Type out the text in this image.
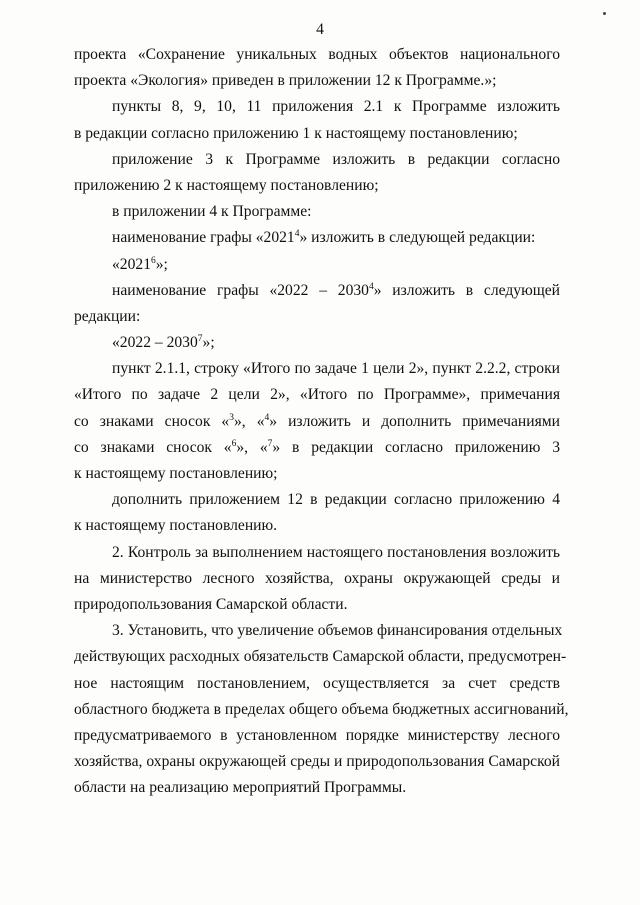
4
проекта «Сохранение уникальных водных объектов национального
проекта «Экология» приведен в приложении 12 к Программе.»;
пункты 8, 9, 10, 11 приложения 2.1 к Программе изложить
в редакции согласно приложению 1 к настоящему постановлению;
приложение 3 к Программе изложить в редакции согласно
приложению 2 к настоящему постановлению;
в приложении 4 к Программе:
наименование графы «2021$^4$» изложить в следующей редакции:
«2021$^6$»;
наименование графы «2022 – 2030$^4$» изложить в следующей
редакции:
«2022 – 2030$^7$»;
пункт 2.1.1, строку «Итого по задаче 1 цели 2», пункт 2.2.2, строки
«Итого по задаче 2 цели 2», «Итого по Программе», примечания
со знаками сносок «$^3$», «$^4$» изложить и дополнить примечаниями
со знаками сносок «$^6$», «$^7$» в редакции согласно приложению 3
к настоящему постановлению;
дополнить приложением 12 в редакции согласно приложению 4
к настоящему постановлению.
2. Контроль за выполнением настоящего постановления возложить
на министерство лесного хозяйства, охраны окружающей среды и
природопользования Самарской области.
3. Установить, что увеличение объемов финансирования отдельных
действующих расходных обязательств Самарской области, предусмотрен-
ное настоящим постановлением, осуществляется за счет средств
областного бюджета в пределах общего объема бюджетных ассигнований,
предусматриваемого в установленном порядке министерству лесного
хозяйства, охраны окружающей среды и природопользования Самарской
области на реализацию мероприятий Программы.
